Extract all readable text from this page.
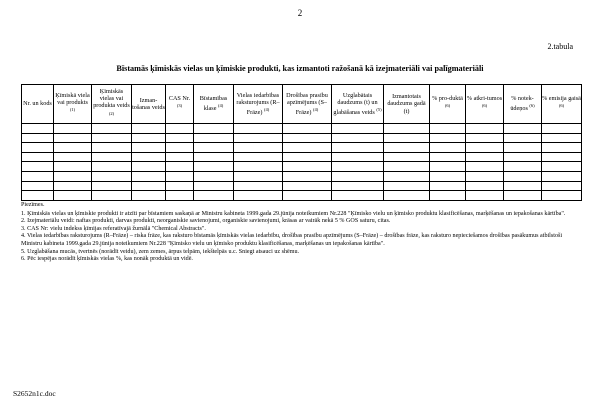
2
2.tabula
Bīstamās ķīmiskās vielas un ķīmiskie produkti, kas izmantoti ražošanā kā izejmateriāli vai palīgmateriāli
Nr. un kods	Ķīmiskā viela vai produkts $^{(1)}$	Ķīmiskās vielas vai produkta veids $^{(2)}$	Izman-tošanas veids	CAS Nr. $^{(3)}$	Bīstamības klase $^{(4)}$	Vielas iedarbības raksturojums (R–Frāze) $^{(4)}$	Drošības prasību apzīmējums (S–Frāze) $^{(4)}$	Uzglabātais daudzums (t) un glabāšanas veids $^{(5)}$	Izmantotais daudzums gadā (t)	% pro-duktā $^{(6)}$	% atkri-tumos $^{(6)}$	% notek-ūdeņos $^{(6)}$	% emisija gaisā $^{(6)}$

Piezīmes.

1. Ķīmiskās vielas un ķīmiskie produkti ir atzīti par bīstamiem saskaņā ar Ministru kabineta 1999.gada 29.jūnija noteikumiem Nr.228 "Ķīmisko vielu un ķīmisko produktu klasificēšanas, marķēšanas un iepakošanas kārtība".

2. Izejmateriālu veidi: naftas produkti, darvas produkti, neorganiskie savienojumi, organiskie savienojumi, krāsas ar vairāk nekā 5 % GOS saturu, citas.

3. CAS Nr: vielu indekss ķīmijas referatīvajā žurnālā "Chemical Abstracts".

4. Vielas iedarbības raksturojums (R–Frāze) – riska frāze, kas raksturo bīstamās ķīmiskās vielas iedarbību, drošības prasību apzīmējums (S–Frāze) – drošības frāze, kas raksturo nepieciešamos drošības pasākumus atbilstoši Ministru kabineta 1999.gada 29.jūnija noteikumiem Nr.228 "Ķīmisko vielu un ķīmisko produktu klasificēšanas, marķēšanas un iepakošanas kārtība".

5. Uzglabāšana mucās, tvertnēs (norādīt veidu), zem zemes, ārpus telpām, iekštelpās u.c. Sniegt atsauci uz shēmu.

6. Pēc iespējas norādīt ķīmiskās vielas %, kas nonāk produktā un vidē.

S2652n1c.doc
